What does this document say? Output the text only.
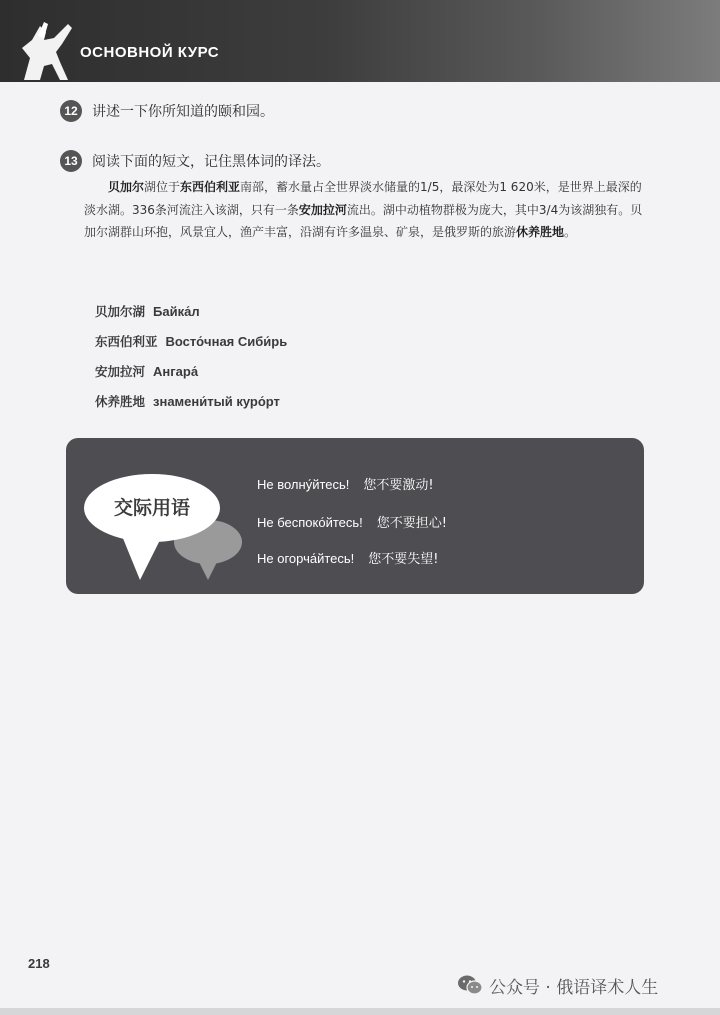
ОСНОВНОЙ КУРС
12	讲述一下你所知道的颐和园。
13	阅读下面的短文，记住黑体词的译法。
贝加尔湖位于东西伯利亚南部，蓄水量占全世界淡水储量的1/5，最深处为1 620米，是世界上最深的淡水湖。336条河流注入该湖，只有一条安加拉河流出。湖中动植物群极为庞大，其中3/4为该湖独有。贝加尔湖群山环抱，风景宜人，渔产丰富，沿湖有许多温泉、矿泉，是俄罗斯的旅游休养胜地。
贝加尔湖 Байка́л
东西伯利亚 Восто́чная Сиби́рь
安加拉河 Ангара́
休养胜地 знамени́тый куро́рт
交际用语
Не волну́йтесь! 您不要激动!
Не беспоко́йтесь! 您不要担心!
Не огорча́йтесь! 您不要失望!
218
公众号 · 俄语译术人生
